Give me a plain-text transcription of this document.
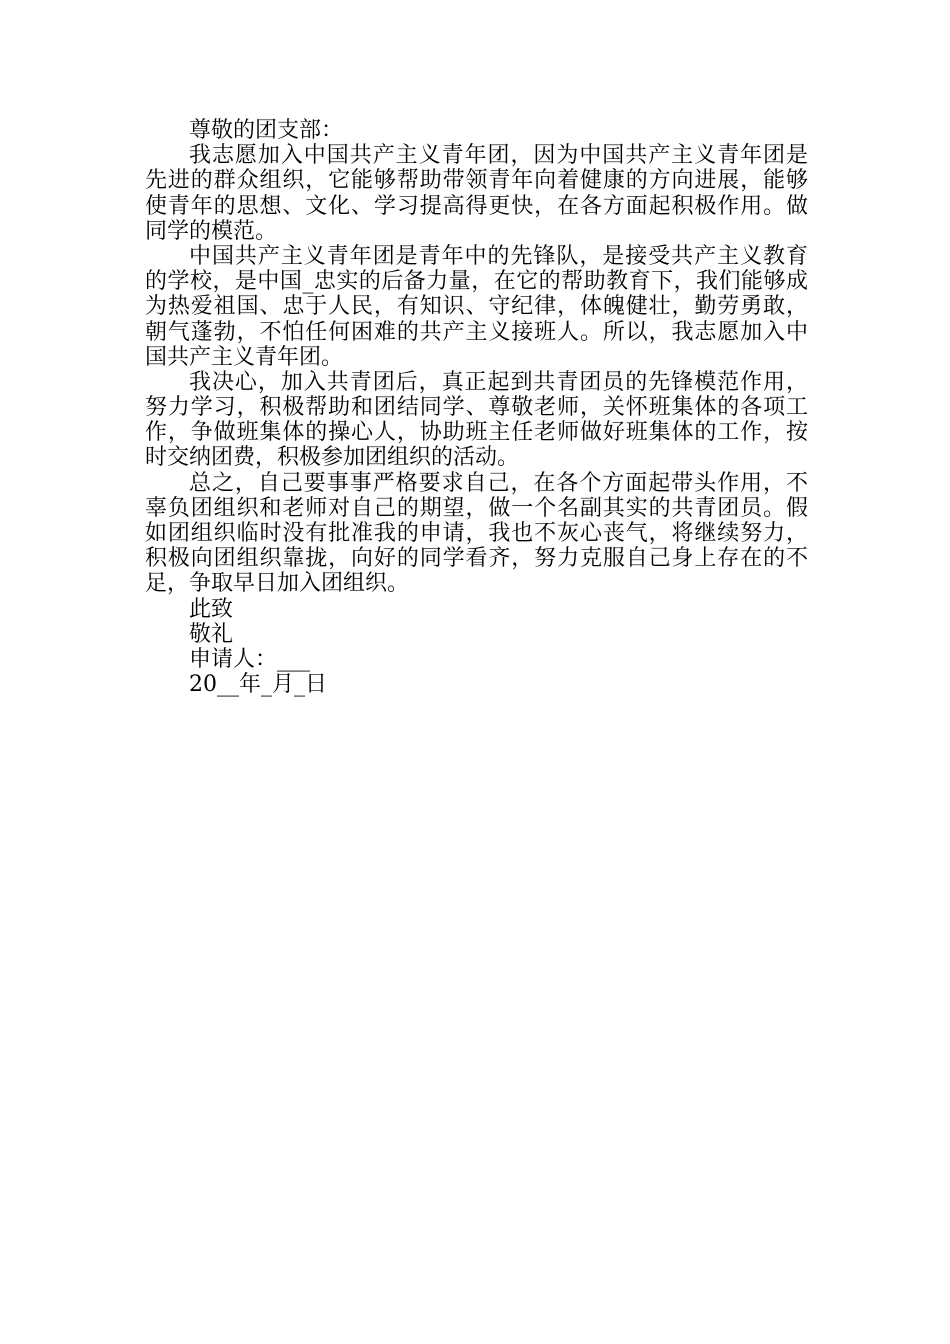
尊敬的团支部：
我志愿加入中国共产主义青年团，因为中国共产主义青年团是
先进的群众组织，它能够帮助带领青年向着健康的方向进展，能够
使青年的思想、文化、学习提高得更快，在各方面起积极作用。做
同学的模范。
中国共产主义青年团是青年中的先锋队，是接受共产主义教育
的学校，是中国_忠实的后备力量，在它的帮助教育下，我们能够成
为热爱祖国、忠于人民，有知识、守纪律，体魄健壮，勤劳勇敢，
朝气蓬勃，不怕任何困难的共产主义接班人。所以，我志愿加入中
国共产主义青年团。
我决心，加入共青团后，真正起到共青团员的先锋模范作用，
努力学习，积极帮助和团结同学、尊敬老师，关怀班集体的各项工
作，争做班集体的操心人，协助班主任老师做好班集体的工作，按
时交纳团费，积极参加团组织的活动。
总之，自己要事事严格要求自己，在各个方面起带头作用，不
辜负团组织和老师对自己的期望，做一个名副其实的共青团员。假
如团组织临时没有批准我的申请，我也不灰心丧气，将继续努力，
积极向团组织靠拢，向好的同学看齐，努力克服自己身上存在的不
足，争取早日加入团组织。
此致
敬礼
申请人：___
20__年_月_日
